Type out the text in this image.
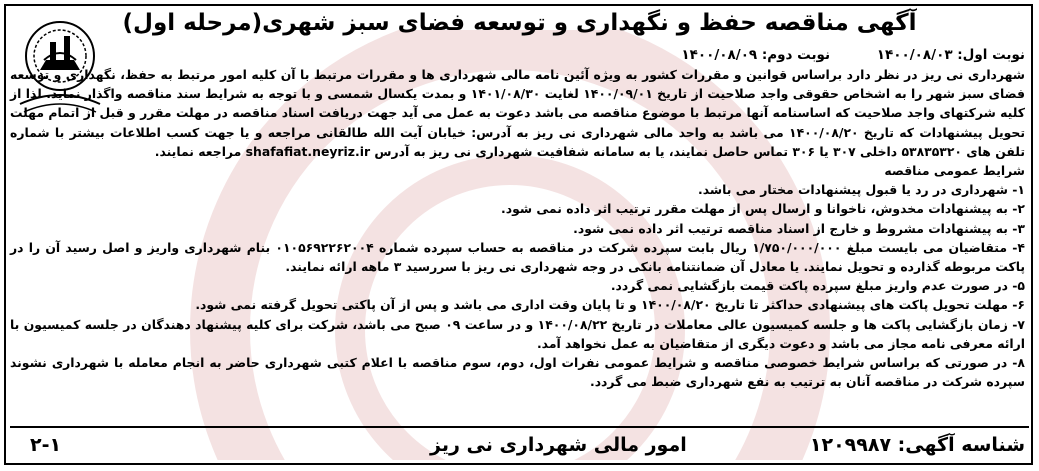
آگهی مناقصه حفظ و نگهداری و توسعه فضای سبز شهری(مرحله اول)
نوبت اول: ۱۴۰۰/۰۸/۰۳ نوبت دوم: ۱۴۰۰/۰۸/۰۹

شهرداری نی ریز در نظر دارد براساس قوانین و مقررات کشور به ویژه آئین نامه مالی شهرداری ها و مقررات مرتبط با آن کلیه امور مرتبط به حفظ، نگهداری و توسعه فضای سبز شهر را به اشخاص حقوقی واجد صلاحیت از تاریخ ۱۴۰۰/۰۹/۰۱ لغایت ۱۴۰۱/۰۸/۳۰ و بمدت یکسال شمسی و با توجه به شرایط سند مناقصه واگذار نماید. لذا از کلیه شرکتهای واجد صلاحیت که اساسنامه آنها مرتبط با موضوع مناقصه می باشد دعوت به عمل می آید جهت دریافت اسناد مناقصه در مهلت مقرر و قبل از اتمام مهلت تحویل پیشنهادات که تاریخ ۱۴۰۰/۰۸/۲۰ می باشد به واحد مالی شهرداری نی ریز به آدرس: خیابان آیت الله طالقانی مراجعه و یا جهت کسب اطلاعات بیشتر با شماره تلفن های ۵۳۸۳۵۳۲۰ داخلی ۳۰۷ یا ۳۰۶ تماس حاصل نمایند، یا به سامانه شفافیت شهرداری نی ریز به آدرس shafafiat.neyriz.ir مراجعه نمایند.

شرایط عمومی مناقصه

۱- شهرداری در رد یا قبول پیشنهادات مختار می باشد.

۲- به پیشنهادات مخدوش، ناخوانا و ارسال پس از مهلت مقرر ترتیب اثر داده نمی شود.

۳- به پیشنهادات مشروط و خارج از اسناد مناقصه ترتیب اثر داده نمی شود.

۴- متقاضیان می بایست مبلغ ۱/۷۵۰/۰۰۰/۰۰۰ ریال بابت سپرده شرکت در مناقصه به حساب سپرده شماره ۰۱۰۵۶۹۲۲۶۲۰۰۴ بنام شهرداری واریز و اصل رسید آن را در پاکت مربوطه گذارده و تحویل نمایند. یا معادل آن ضمانتنامه بانکی در وجه شهرداری نی ریز با سررسید ۳ ماهه ارائه نمایند.

۵- در صورت عدم واریز مبلغ سپرده پاکت قیمت بازگشایی نمی گردد.

۶- مهلت تحویل پاکت های پیشنهادی حداکثر تا تاریخ ۱۴۰۰/۰۸/۲۰ و تا پایان وقت اداری می باشد و پس از آن پاکتی تحویل گرفته نمی شود.

۷- زمان بازگشایی پاکت ها و جلسه کمیسیون عالی معاملات در تاریخ ۱۴۰۰/۰۸/۲۲ و در ساعت ۰۹ صبح می باشد، شرکت برای کلیه پیشنهاد دهندگان در جلسه کمیسیون با ارائه معرفی نامه مجاز می باشد و دعوت دیگری از متقاضیان به عمل نخواهد آمد.

۸- در صورتی که براساس شرایط خصوصی مناقصه و شرایط عمومی نفرات اول، دوم، سوم مناقصه با اعلام کتبی شهرداری حاضر به انجام معامله با شهرداری نشوند سپرده شرکت در مناقصه آنان به ترتیب به نفع شهرداری ضبط می گردد.

شناسه آگهی: ۱۲۰۹۹۸۷
امور مالی شهرداری نی ریز
۲-۱
